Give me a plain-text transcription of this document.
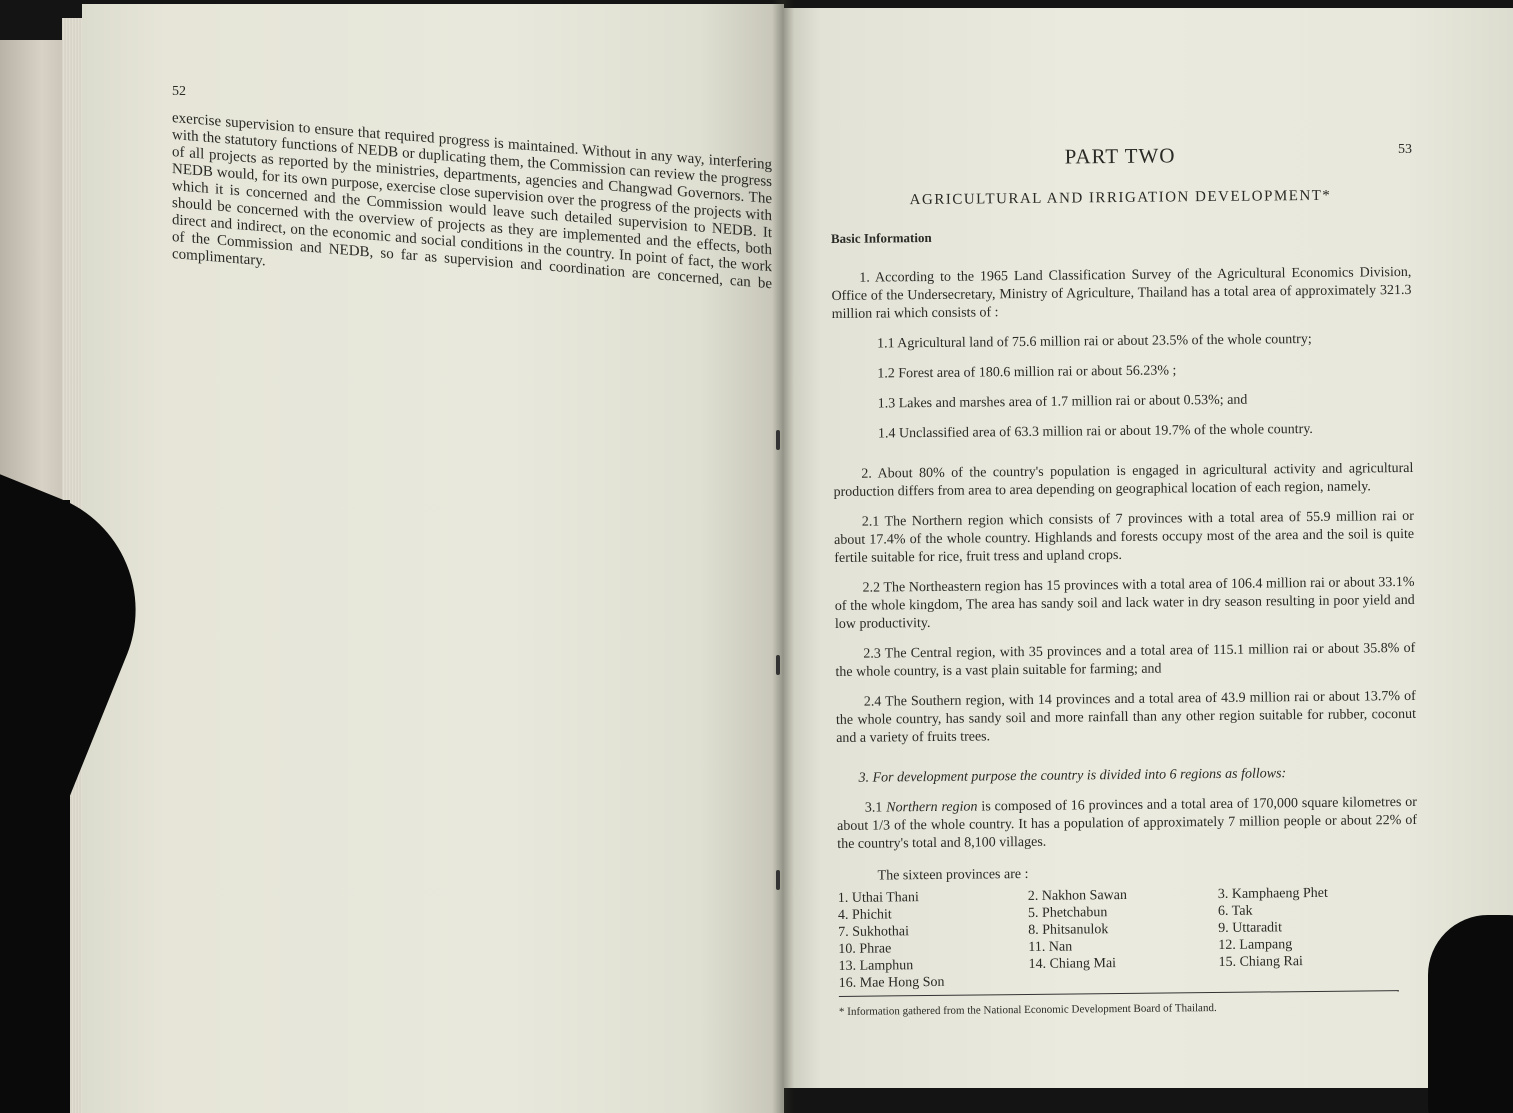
52

exercise supervision to ensure that required progress is maintained. Without in any way, interfering with the statutory functions of NEDB or duplicating them, the Commission can review the progress of all projects as reported by the ministries, departments, agencies and Changwad Governors. The NEDB would, for its own purpose, exercise close supervision over the progress of the projects with which it is concerned and the Commission would leave such detailed supervision to NEDB. It should be concerned with the overview of projects as they are implemented and the effects, both direct and indirect, on the economic and social conditions in the country. In point of fact, the work of the Commission and NEDB, so far as supervision and coordination are concerned, can be complimentary.

53
PART TWO
AGRICULTURAL AND IRRIGATION DEVELOPMENT*
Basic Information

1. According to the 1965 Land Classification Survey of the Agricultural Economics Division, Office of the Undersecretary, Ministry of Agriculture, Thailand has a total area of approximately 321.3 million rai which consists of :

1.1 Agricultural land of 75.6 million rai or about 23.5% of the whole country;
1.2 Forest area of 180.6 million rai or about 56.23% ;
1.3 Lakes and marshes area of 1.7 million rai or about 0.53%; and
1.4 Unclassified area of 63.3 million rai or about 19.7% of the whole country.

2. About 80% of the country's population is engaged in agricultural activity and agricultural production differs from area to area depending on geographical location of each region, namely.

2.1 The Northern region which consists of 7 provinces with a total area of 55.9 million rai or about 17.4% of the whole country. Highlands and forests occupy most of the area and the soil is quite fertile suitable for rice, fruit tress and upland crops.

2.2 The Northeastern region has 15 provinces with a total area of 106.4 million rai or about 33.1% of the whole kingdom, The area has sandy soil and lack water in dry season resulting in poor yield and low productivity.

2.3 The Central region, with 35 provinces and a total area of 115.1 million rai or about 35.8% of the whole country, is a vast plain suitable for farming; and

2.4 The Southern region, with 14 provinces and a total area of 43.9 million rai or about 13.7% of the whole country, has sandy soil and more rainfall than any other region suitable for rubber, coconut and a variety of fruits trees.

3. For development purpose the country is divided into 6 regions as follows:

3.1 Northern region is composed of 16 provinces and a total area of 170,000 square kilometres or about 1/3 of the whole country. It has a population of approximately 7 million people or about 22% of the country's total and 8,100 villages.

The sixteen provinces are :
1. Uthai Thani	2. Nakhon Sawan	3. Kamphaeng Phet
4. Phichit	5. Phetchabun	6. Tak
7. Sukhothai	8. Phitsanulok	9. Uttaradit
10. Phrae	11. Nan	12. Lampang
13. Lamphun	14. Chiang Mai	15. Chiang Rai
16. Mae Hong Son

* Information gathered from the National Economic Development Board of Thailand.
